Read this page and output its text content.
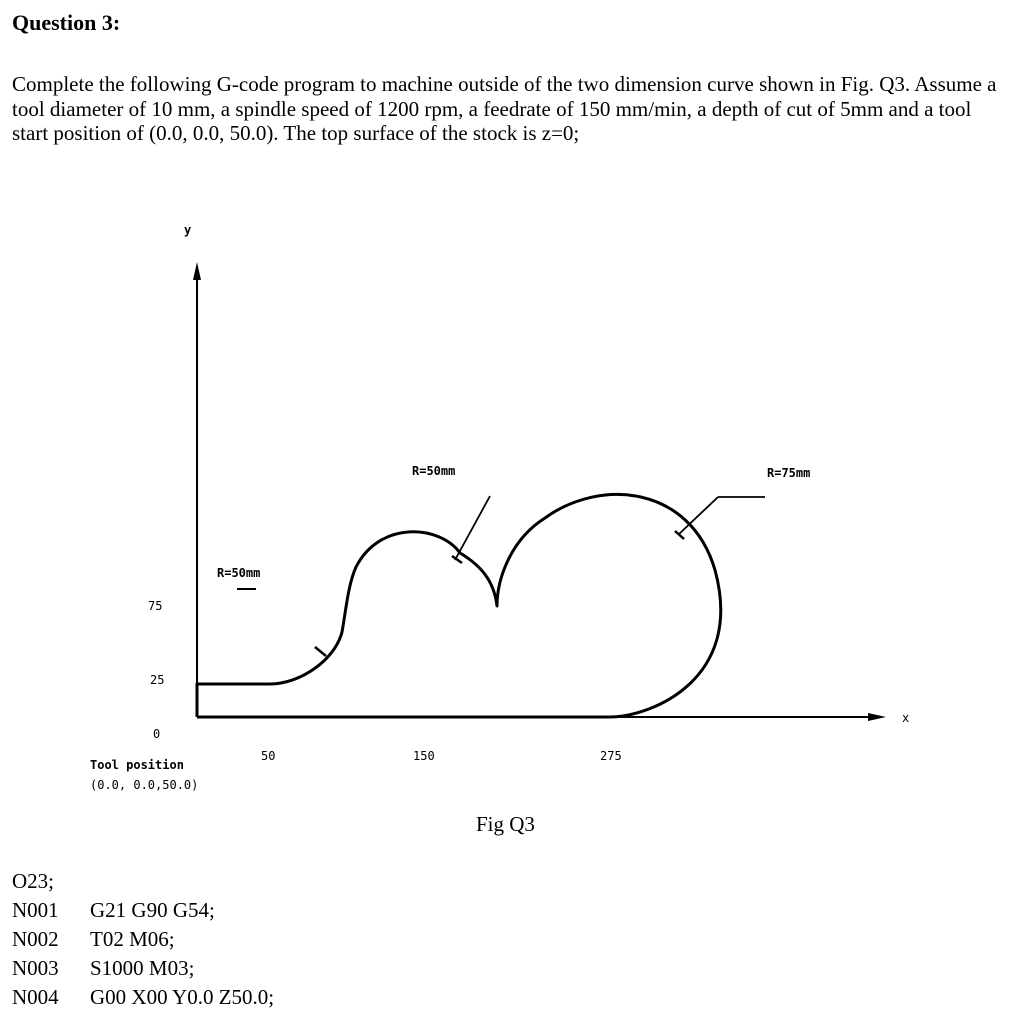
Question 3:

Complete the following G-code program to machine outside of the two dimension curve shown in Fig. Q3. Assume a tool diameter of 10 mm, a spindle speed of 1200 rpm, a feedrate of 150 mm/min, a depth of cut of 5mm and a tool start position of (0.0, 0.0, 50.0). The top surface of the stock is z=0;

y
x
R=50mm
R=50mm	R=75mm
75
25
0
50	150	275
Tool position
(0.0, 0.0,50.0)
Fig Q3
O23;
N001 G21 G90 G54;
N002 T02 M06;
N003 S1000 M03;
N004 G00 X00 Y0.0 Z50.0;
